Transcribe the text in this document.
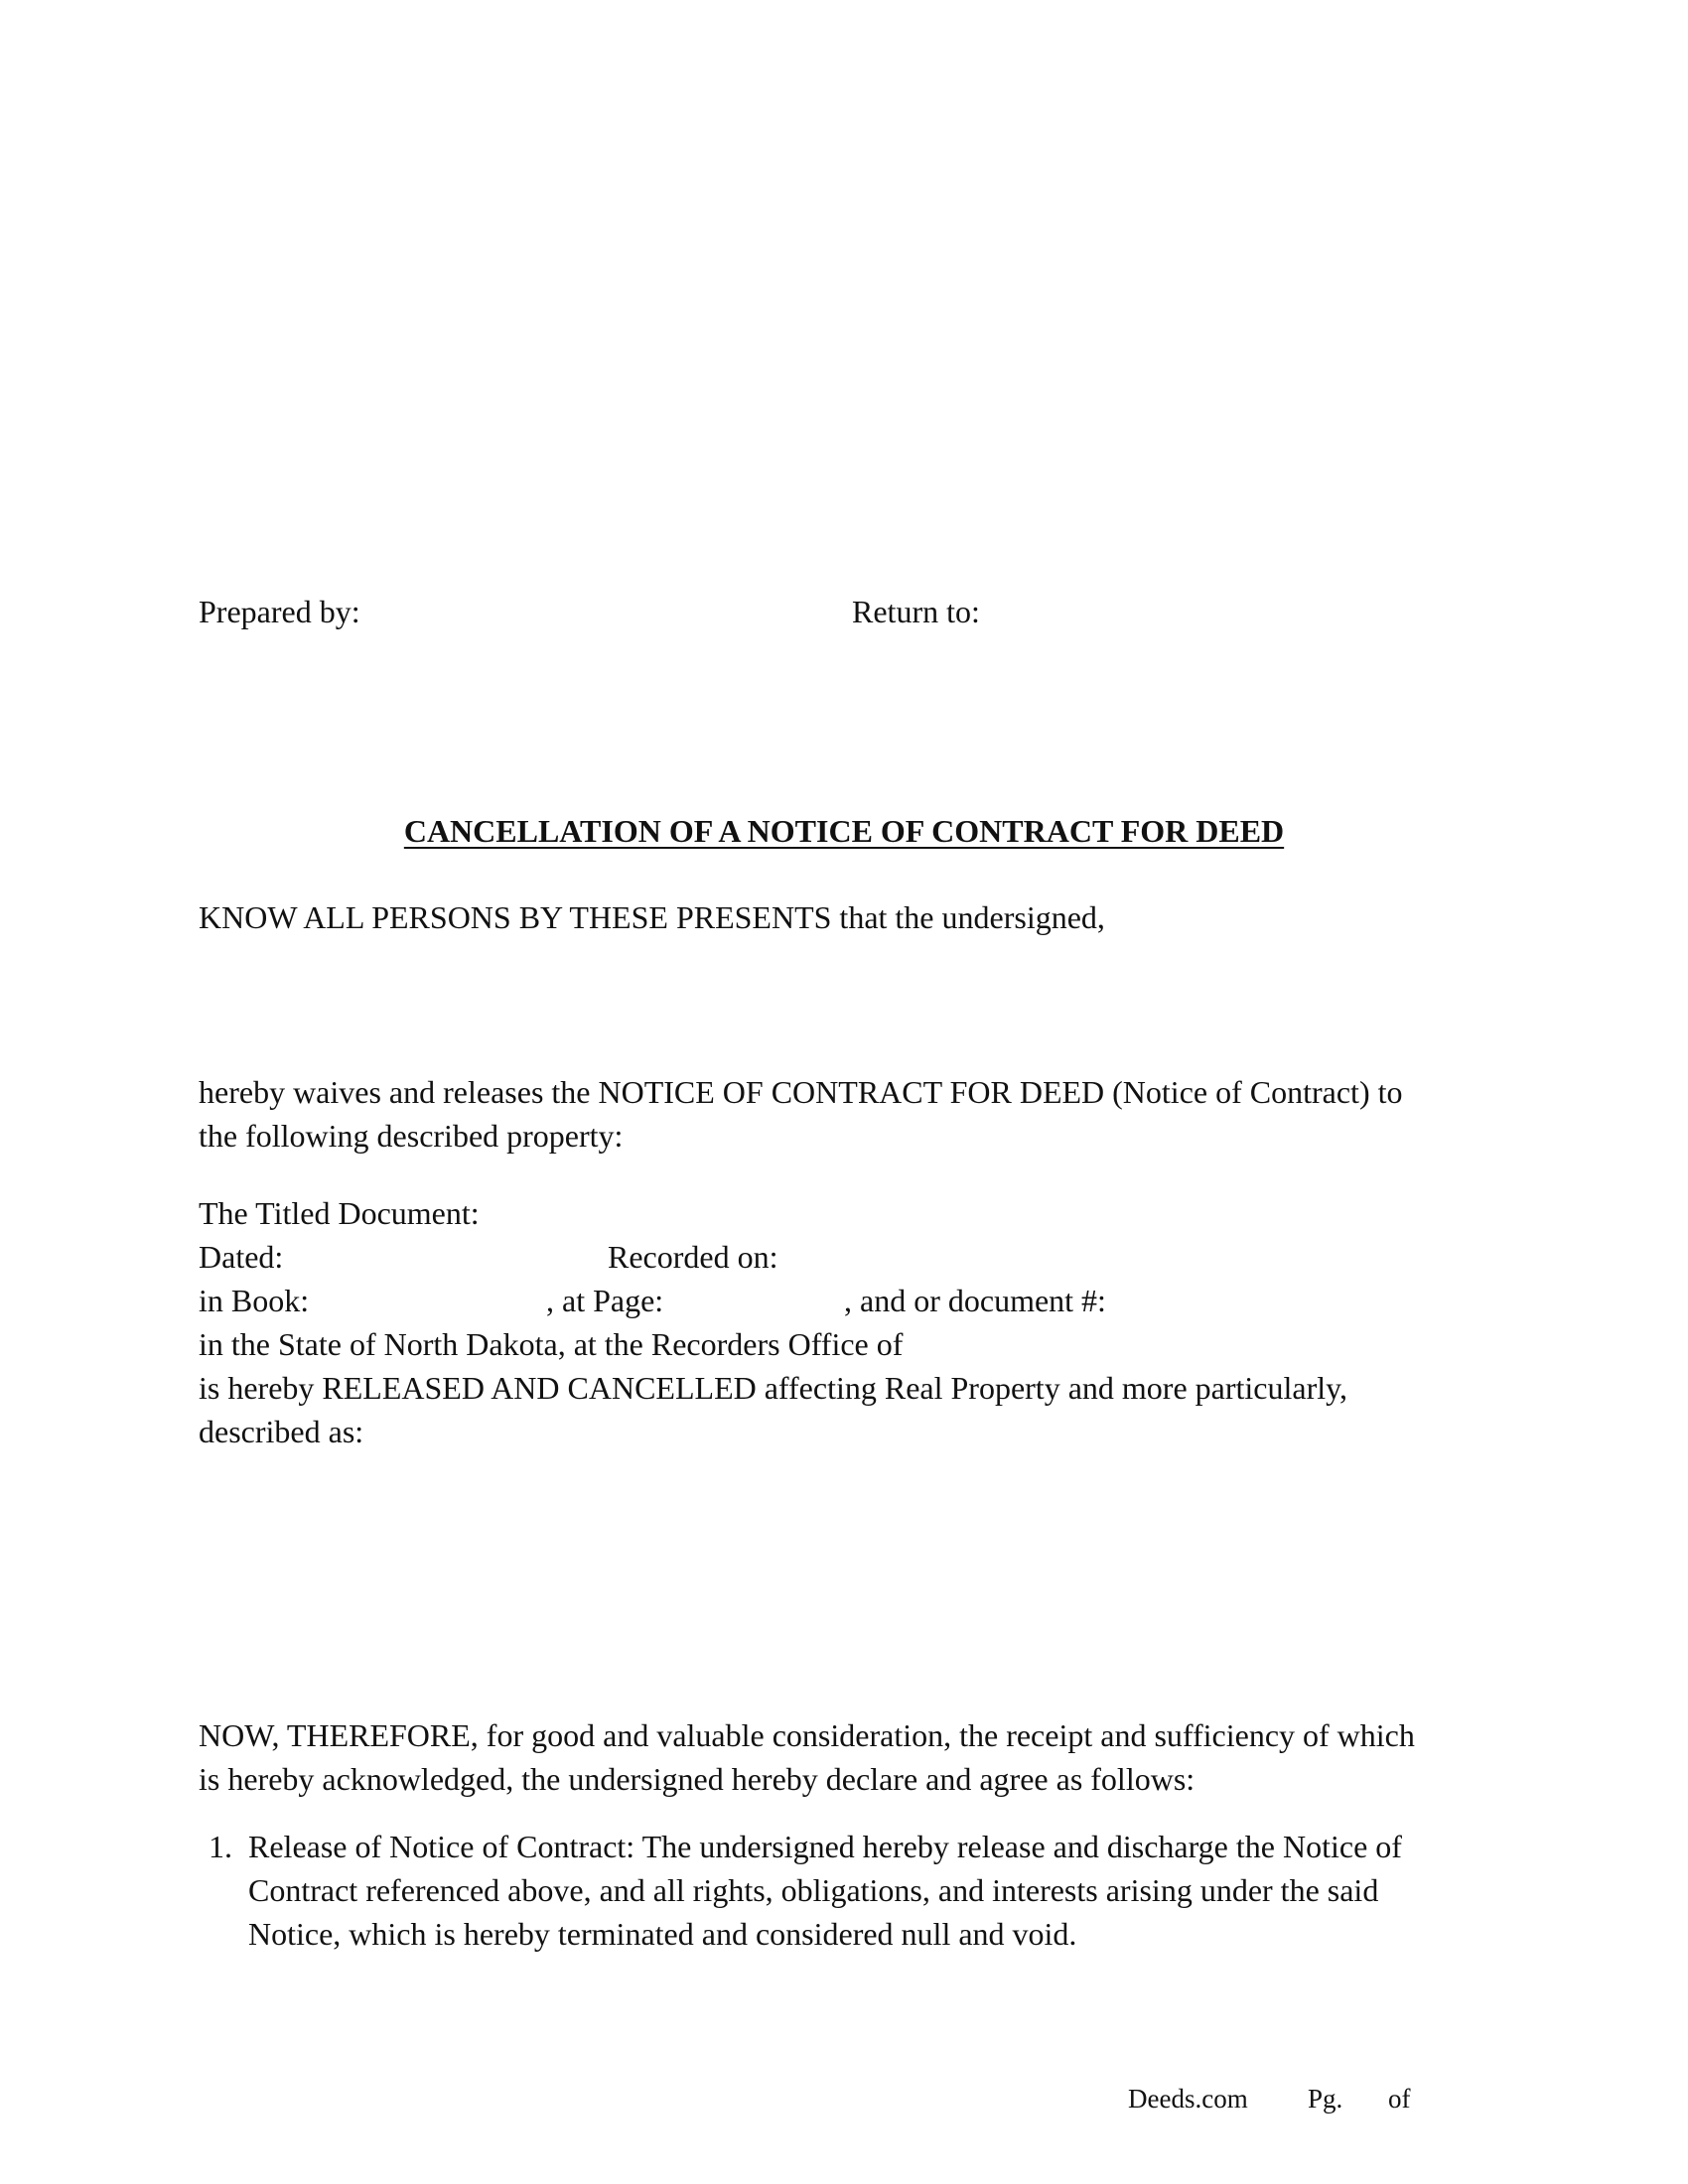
Prepared by:	Return to:
CANCELLATION OF A NOTICE OF CONTRACT FOR DEED
KNOW ALL PERSONS BY THESE PRESENTS that the undersigned,
hereby waives and releases the NOTICE OF CONTRACT FOR DEED (Notice of Contract) to
the following described property:
The Titled Document:
Dated:	Recorded on:
in Book:	, at Page:	, and or document #:
in the State of North Dakota, at the Recorders Office of
is hereby RELEASED AND CANCELLED affecting Real Property and more particularly,
described as:
NOW, THEREFORE, for good and valuable consideration, the receipt and sufficiency of which
is hereby acknowledged, the undersigned hereby declare and agree as follows:
1. Release of Notice of Contract: The undersigned hereby release and discharge the Notice of
Contract referenced above, and all rights, obligations, and interests arising under the said
Notice, which is hereby terminated and considered null and void.
Deeds.com Pg. of
